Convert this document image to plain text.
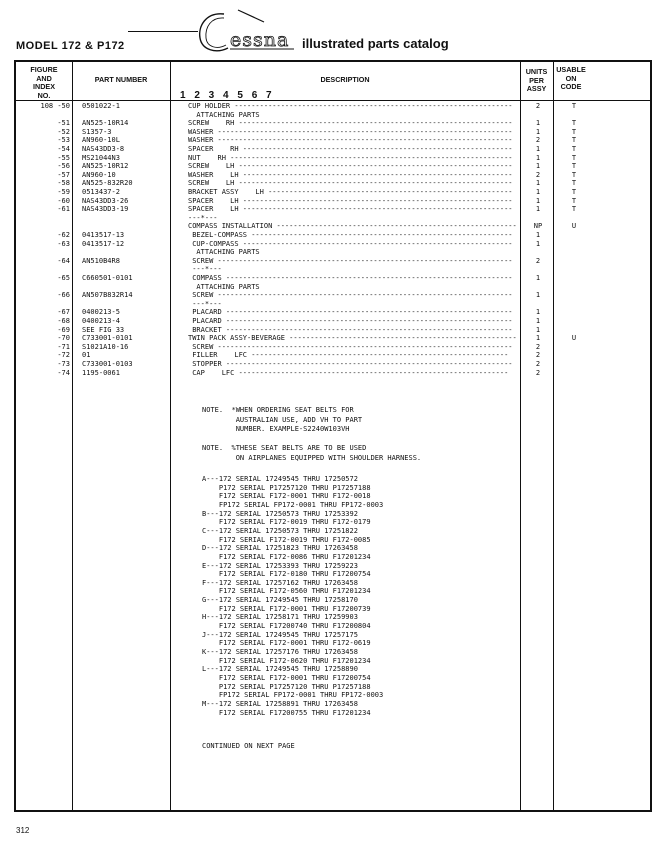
MODEL 172 & P172	essna illustrated parts catalog
FIGURE
AND
INDEX
NO.
PART NUMBER	DESCRIPTION
1 2 3 4 5 6 7
UNITS
PER
ASSY
USABLE
ON
CODE
108 -50 0501022-1	CUP HOLDER ------------------------------------------------------------------	2	T
ATTACHING PARTS
-51 AN525-10R14	SCREW    RH -----------------------------------------------------------------	1	T
-52 S1357-3	WASHER ----------------------------------------------------------------------	1	T
-53 AN960-10L	WASHER ----------------------------------------------------------------------	2	T
-54 NAS43DD3-8	SPACER    RH ----------------------------------------------------------------	1	T
-55 MS21044N3	NUT    RH -------------------------------------------------------------------	1	T
-56 AN525-10R12	SCREW    LH -----------------------------------------------------------------	1	T
-57 AN960-10	WASHER    LH ----------------------------------------------------------------	2	T
-58 AN525-832R20	SCREW    LH -----------------------------------------------------------------	1	T
-59 0513437-2	BRACKET ASSY    LH ----------------------------------------------------------	1	T
-60 NAS43DD3-26	SPACER    LH ----------------------------------------------------------------	1	T
-61 NAS43DD3-19	SPACER    LH ----------------------------------------------------------------	1	T
---*---
COMPASS INSTALLATION ---------------------------------------------------------	NP	U
-62 0413517-13	BEZEL-COMPASS --------------------------------------------------------------	1
-63 0413517-12	CUP-COMPASS ----------------------------------------------------------------	1
ATTACHING PARTS
-64 AN510B4R8	SCREW ----------------------------------------------------------------------	2
---*---
-65 C660501-0101	COMPASS --------------------------------------------------------------------	1
ATTACHING PARTS
-66 AN507B832R14	SCREW ----------------------------------------------------------------------	1
---*---
-67 0400213-5	PLACARD --------------------------------------------------------------------	1
-68 0400213-4	PLACARD --------------------------------------------------------------------	1
-69 SEE FIG 33	BRACKET --------------------------------------------------------------------	1
-70 C733001-0101	TWIN PACK ASSY-BEVERAGE ------------------------------------------------------	1	U
-71 S1021A10-16	SCREW ----------------------------------------------------------------------	2
-72 01	FILLER    LFC -------------------------------------------------------------	2
-73 C733001-0103	STOPPER --------------------------------------------------------------------	2
-74 1195-0061	CAP    LFC ----------------------------------------------------------------	2
NOTE.  *WHEN ORDERING SEAT BELTS FOR
AUSTRALIAN USE, ADD VH TO PART
NUMBER. EXAMPLE-S2240W103VH
NOTE.  %THESE SEAT BELTS ARE TO BE USED
ON AIRPLANES EQUIPPED WITH SHOULDER HARNESS.
A---172 SERIAL 17249545 THRU 17250572
P172 SERIAL P17257120 THRU P17257188
F172 SERIAL F172-0001 THRU F172-0018
FP172 SERIAL FP172-0001 THRU FP172-0003
B---172 SERIAL 17250573 THRU 17253392
F172 SERIAL F172-0019 THRU F172-0179
C---172 SERIAL 17250573 THRU 17251822
F172 SERIAL F172-0019 THRU F172-0085
D---172 SERIAL 17251823 THRU 17263458
F172 SERIAL F172-0086 THRU F17201234
E---172 SERIAL 17253393 THRU 17259223
F172 SERIAL F172-0180 THRU F17200754
F---172 SERIAL 17257162 THRU 17263458
F172 SERIAL F172-0560 THRU F17201234
G---172 SERIAL 17249545 THRU 17258170
F172 SERIAL F172-0001 THRU F17200739
H---172 SERIAL 17258171 THRU 17259903
F172 SERIAL F17200740 THRU F17200804
J---172 SERIAL 17249545 THRU 17257175
F172 SERIAL F172-0001 THRU F172-0619
K---172 SERIAL 17257176 THRU 17263458
F172 SERIAL F172-0620 THRU F17201234
L---172 SERIAL 17249545 THRU 17258890
F172 SERIAL F172-0001 THRU F17200754
P172 SERIAL P17257120 THRU P17257188
FP172 SERIAL FP172-0001 THRU FP172-0003
M---172 SERIAL 17258891 THRU 17263458
F172 SERIAL F17200755 THRU F17201234
CONTINUED ON NEXT PAGE
312
